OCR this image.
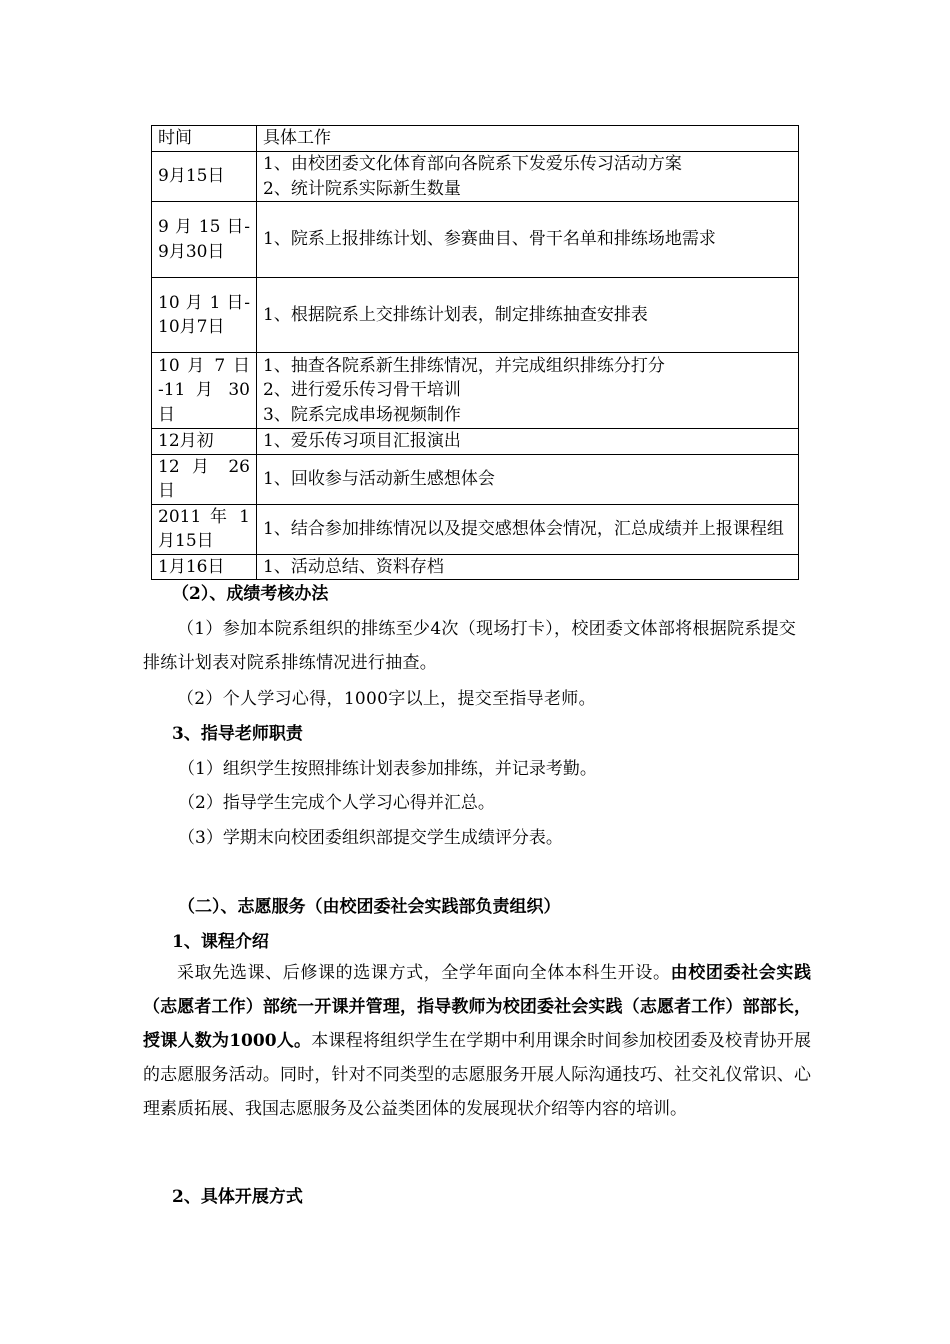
时间	具体工作
9月15日	1、由校团委文化体育部向各院系下发爱乐传习活动方案
2、统计院系实际新生数量

9 月 15 日-9月30日	1、院系上报排练计划、参赛曲目、骨干名单和排练场地需求

10 月 1 日-10月7日	1、根据院系上交排练计划表，制定排练抽查安排表

10 月 7 日 -11 月 30日	1、抽查各院系新生排练情况，并完成组织排练分打分
2、进行爱乐传习骨干培训
3、院系完成串场视频制作

12月初	1、爱乐传习项目汇报演出

12 月 26 日	1、回收参与活动新生感想体会

2011 年 1 月15日	1、结合参加排练情况以及提交感想体会情况，汇总成绩并上报课程组

1月16日	1、活动总结、资料存档

（2）、成绩考核办法

（1）参加本院系组织的排练至少4次（现场打卡），校团委文体部将根据院系提交排练计划表对院系排练情况进行抽查。

（2）个人学习心得，1000字以上，提交至指导老师。

3、指导老师职责

（1）组织学生按照排练计划表参加排练，并记录考勤。

（2）指导学生完成个人学习心得并汇总。

（3）学期末向校团委组织部提交学生成绩评分表。

（二）、志愿服务（由校团委社会实践部负责组织）

1、课程介绍

采取先选课、后修课的选课方式，全学年面向全体本科生开设。由校团委社会实践（志愿者工作）部统一开课并管理，指导教师为校团委社会实践（志愿者工作）部部长，授课人数为1000人。本课程将组织学生在学期中利用课余时间参加校团委及校青协开展的志愿服务活动。同时，针对不同类型的志愿服务开展人际沟通技巧、社交礼仪常识、心理素质拓展、我国志愿服务及公益类团体的发展现状介绍等内容的培训。

2、具体开展方式
